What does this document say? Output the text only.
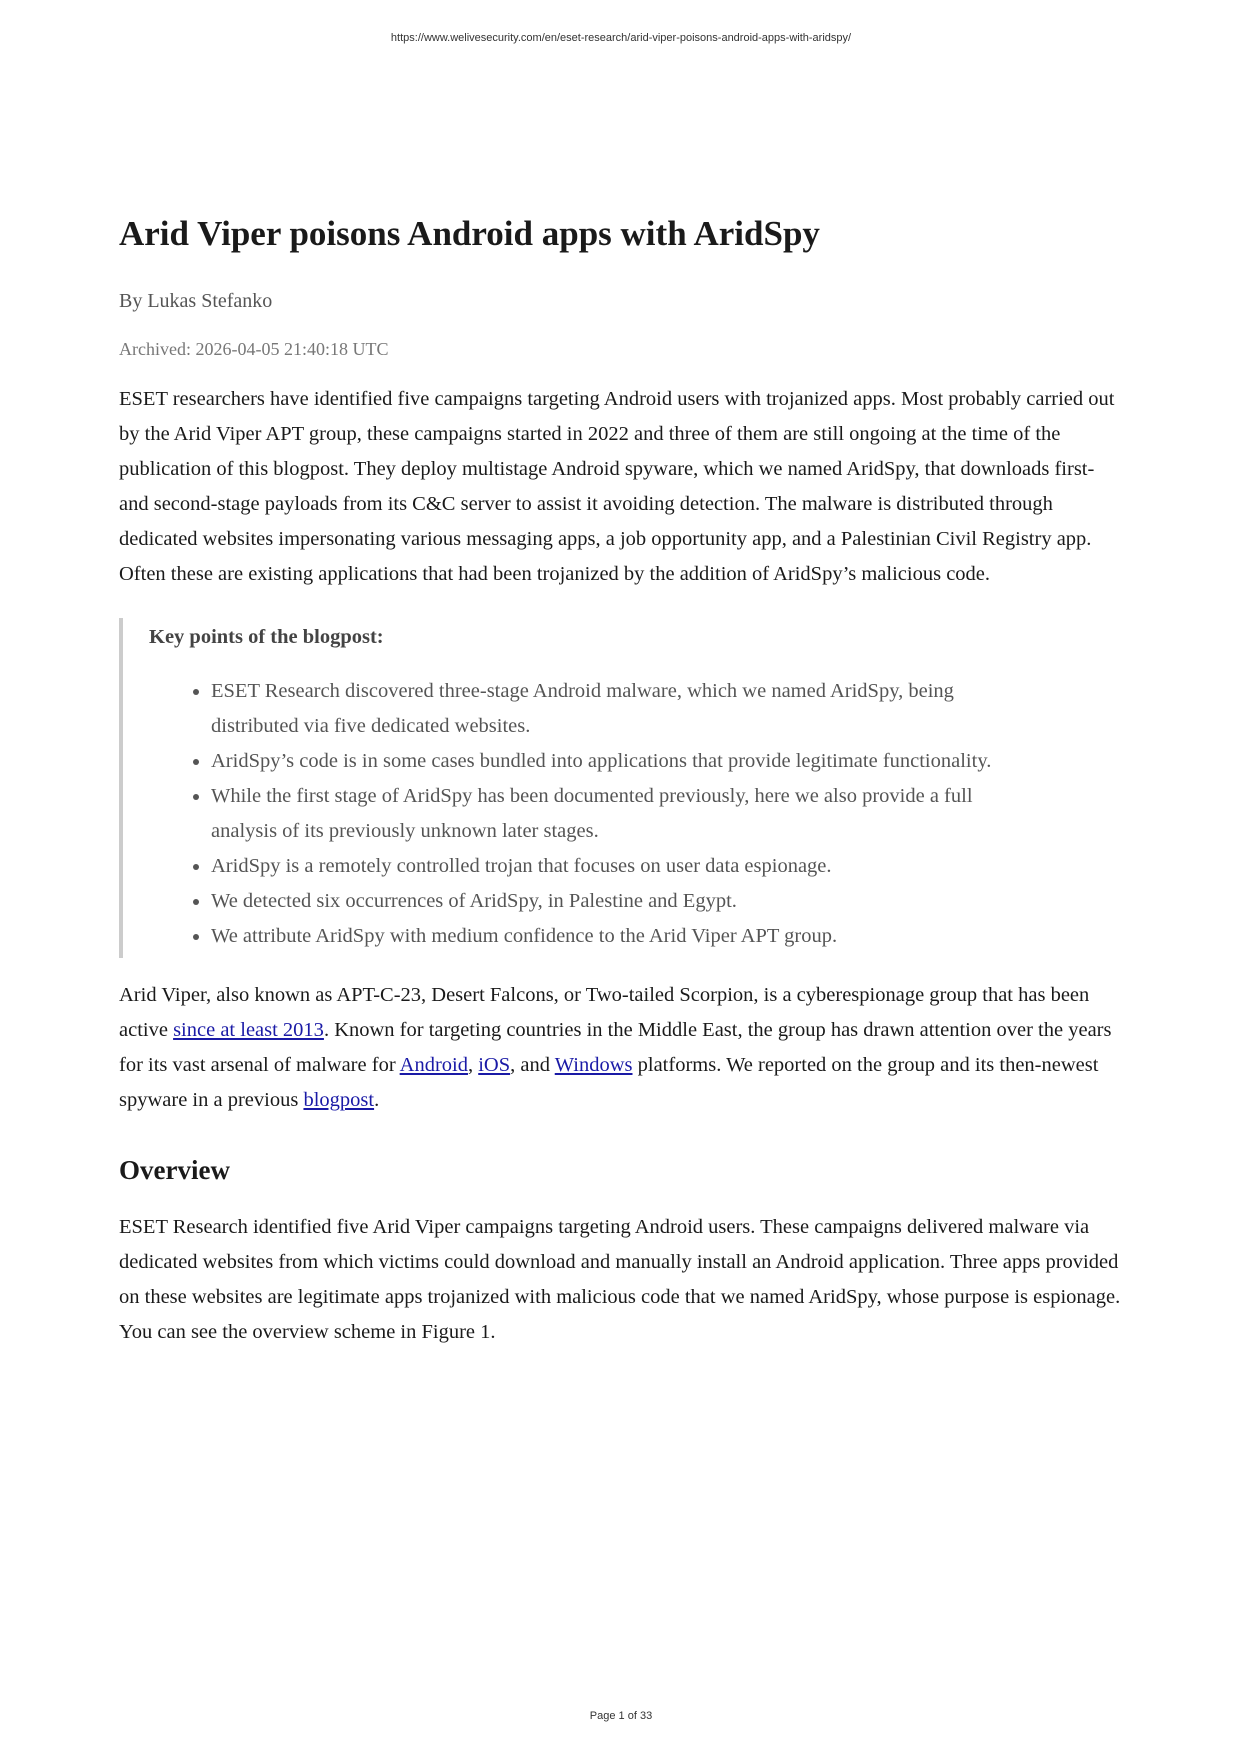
https://www.welivesecurity.com/en/eset-research/arid-viper-poisons-android-apps-with-aridspy/
Arid Viper poisons Android apps with AridSpy
By Lukas Stefanko
Archived: 2026-04-05 21:40:18 UTC

ESET researchers have identified five campaigns targeting Android users with trojanized apps. Most probably carried out by the Arid Viper APT group, these campaigns started in 2022 and three of them are still ongoing at the time of the publication of this blogpost. They deploy multistage Android spyware, which we named AridSpy, that downloads first- and second-stage payloads from its C&C server to assist it avoiding detection. The malware is distributed through dedicated websites impersonating various messaging apps, a job opportunity app, and a Palestinian Civil Registry app. Often these are existing applications that had been trojanized by the addition of AridSpy’s malicious code.

Key points of the blogpost:
• ESET Research discovered three-stage Android malware, which we named AridSpy, being distributed via five dedicated websites.
• AridSpy’s code is in some cases bundled into applications that provide legitimate functionality.
• While the first stage of AridSpy has been documented previously, here we also provide a full analysis of its previously unknown later stages.
• AridSpy is a remotely controlled trojan that focuses on user data espionage.
• We detected six occurrences of AridSpy, in Palestine and Egypt.
• We attribute AridSpy with medium confidence to the Arid Viper APT group.

Arid Viper, also known as APT-C-23, Desert Falcons, or Two-tailed Scorpion, is a cyberespionage group that has been active since at least 2013. Known for targeting countries in the Middle East, the group has drawn attention over the years for its vast arsenal of malware for Android, iOS, and Windows platforms. We reported on the group and its then-newest spyware in a previous blogpost.

Overview

ESET Research identified five Arid Viper campaigns targeting Android users. These campaigns delivered malware via dedicated websites from which victims could download and manually install an Android application. Three apps provided on these websites are legitimate apps trojanized with malicious code that we named AridSpy, whose purpose is espionage. You can see the overview scheme in Figure 1.

Page 1 of 33
